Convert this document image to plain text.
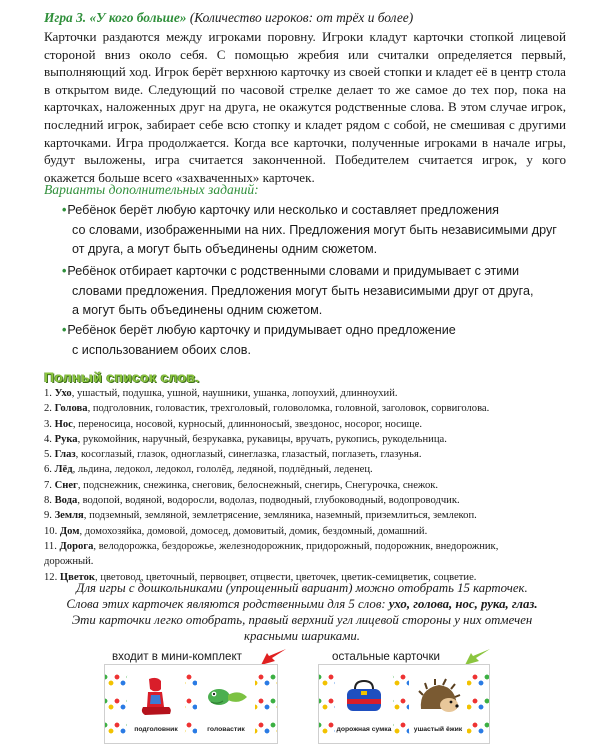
Игра 3. «У кого больше» (Количество игроков: от трёх и более)

Карточки раздаются между игроками поровну. Игроки кладут карточки стопкой лицевой стороной вниз около себя. С помощью жребия или считалки определяется первый, выполняющий ход. Игрок берёт верхнюю карточку из своей стопки и кладет её в центр стола в открытом виде. Следующий по часовой стрелке делает то же самое до тех пор, пока на карточках, наложенных друг на друга, не окажутся родственные слова. В этом случае игрок, последний игрок, забирает себе всю стопку и кладет рядом с собой, не смешивая с другими карточками. Игра продолжается. Когда все карточки, полученные игроками в начале игры, будут выложены, игра считается законченной. Победителем считается игрок, у кого окажется больше всего «захваченных» карточек.

Варианты дополнительных заданий:

•Ребёнок берёт любую карточку или несколько и составляет предложения
со словами, изображенными на них. Предложения могут быть независимыми друг
от друга, а могут быть объединены одним сюжетом.
•Ребёнок отбирает карточки с родственными словами и придумывает с этими
словами предложения. Предложения могут быть независимыми друг от друга,
а могут быть объединены одним сюжетом.
•Ребёнок берёт любую карточку и придумывает одно предложение
с использованием обоих слов.

Полный список слов.

1. Ухо, ушастый, подушка, ушной, наушники, ушанка, лопоухий, длинноухий.
2. Голова, подголовник, головастик, трехголовый, головоломка, головной, заголовок, сорвиголова.
3. Нос, переносица, носовой, курносый, длинноносый, звездонос, носорог, носище.
4. Рука, рукомойник, наручный, безрукавка, рукавицы, вручать, рукопись, рукодельница.
5. Глаз, косоглазый, глазок, одноглазый, синеглазка, глазастый, поглазеть, глазунья.
6. Лёд, льдина, ледокол, ледокол, гололёд, ледяной, подлёдный, леденец.
7. Снег, подснежник, снежинка, снеговик, белоснежный, снегирь, Снегурочка, снежок.
8. Вода, водопой, водяной, водоросли, водолаз, подводный, глубоководный, водопроводчик.
9. Земля, подземный, земляной, землетрясение, земляника, наземный, приземлиться, землекоп.
10. Дом, домохозяйка, домовой, домосед, домовитый, домик, бездомный, домашний.
11. Дорога, велодорожка, бездорожье, железнодорожник, придорожный, подорожник, внедорожник,
дорожный.
12. Цветок, цветовод, цветочный, первоцвет, отцвести, цветочек, цветик-семицветик, соцветие.

Для игры с дошкольниками (упрощенный вариант) можно отобрать 15 карточек.

Слова этих карточек являются родственными для 5 слов: ухо, голова, нос, рука, глаз.

Эти карточки легко отобрать, правый верхний угл лицевой стороны у них отмечен

красными шариками.

входит в мини-комплект

подголовник	головастик

остальные карточки

дорожная сумка	ушастый ёжик
